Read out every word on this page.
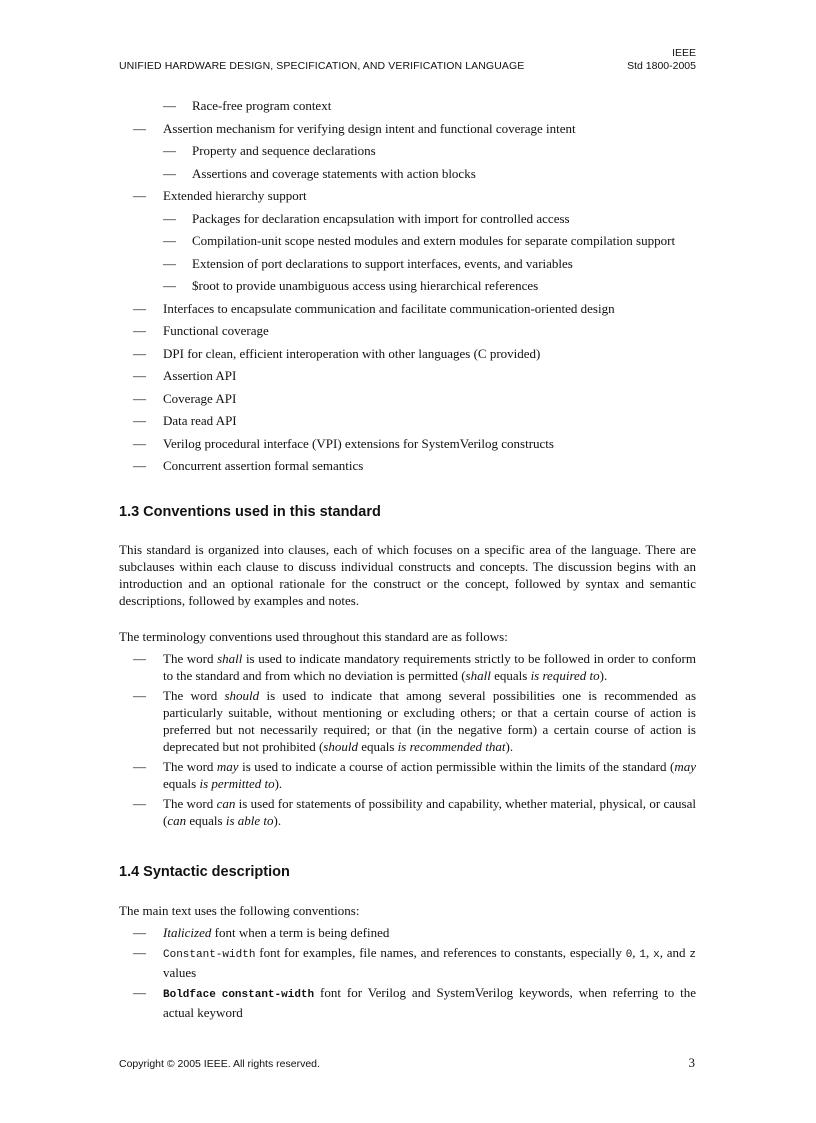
UNIFIED HARDWARE DESIGN, SPECIFICATION, AND VERIFICATION LANGUAGE
IEEE
Std 1800-2005
— Race-free program context
— Assertion mechanism for verifying design intent and functional coverage intent
— Property and sequence declarations
— Assertions and coverage statements with action blocks
— Extended hierarchy support
— Packages for declaration encapsulation with import for controlled access
— Compilation-unit scope nested modules and extern modules for separate compilation support
— Extension of port declarations to support interfaces, events, and variables
— $root to provide unambiguous access using hierarchical references
— Interfaces to encapsulate communication and facilitate communication-oriented design
— Functional coverage
— DPI for clean, efficient interoperation with other languages (C provided)
— Assertion API
— Coverage API
— Data read API
— Verilog procedural interface (VPI) extensions for SystemVerilog constructs
— Concurrent assertion formal semantics
1.3 Conventions used in this standard
This standard is organized into clauses, each of which focuses on a specific area of the language. There are subclauses within each clause to discuss individual constructs and concepts. The discussion begins with an introduction and an optional rationale for the construct or the concept, followed by syntax and semantic descriptions, followed by examples and notes.
The terminology conventions used throughout this standard are as follows:
— The word shall is used to indicate mandatory requirements strictly to be followed in order to conform to the standard and from which no deviation is permitted (shall equals is required to).
— The word should is used to indicate that among several possibilities one is recommended as particularly suitable, without mentioning or excluding others; or that a certain course of action is preferred but not necessarily required; or that (in the negative form) a certain course of action is deprecated but not prohibited (should equals is recommended that).
— The word may is used to indicate a course of action permissible within the limits of the standard (may equals is permitted to).
— The word can is used for statements of possibility and capability, whether material, physical, or causal (can equals is able to).
1.4 Syntactic description
The main text uses the following conventions:
— Italicized font when a term is being defined
— Constant-width font for examples, file names, and references to constants, especially 0, 1, x, and z values
— Boldface constant-width font for Verilog and SystemVerilog keywords, when referring to the actual keyword
Copyright © 2005 IEEE. All rights reserved.	3
